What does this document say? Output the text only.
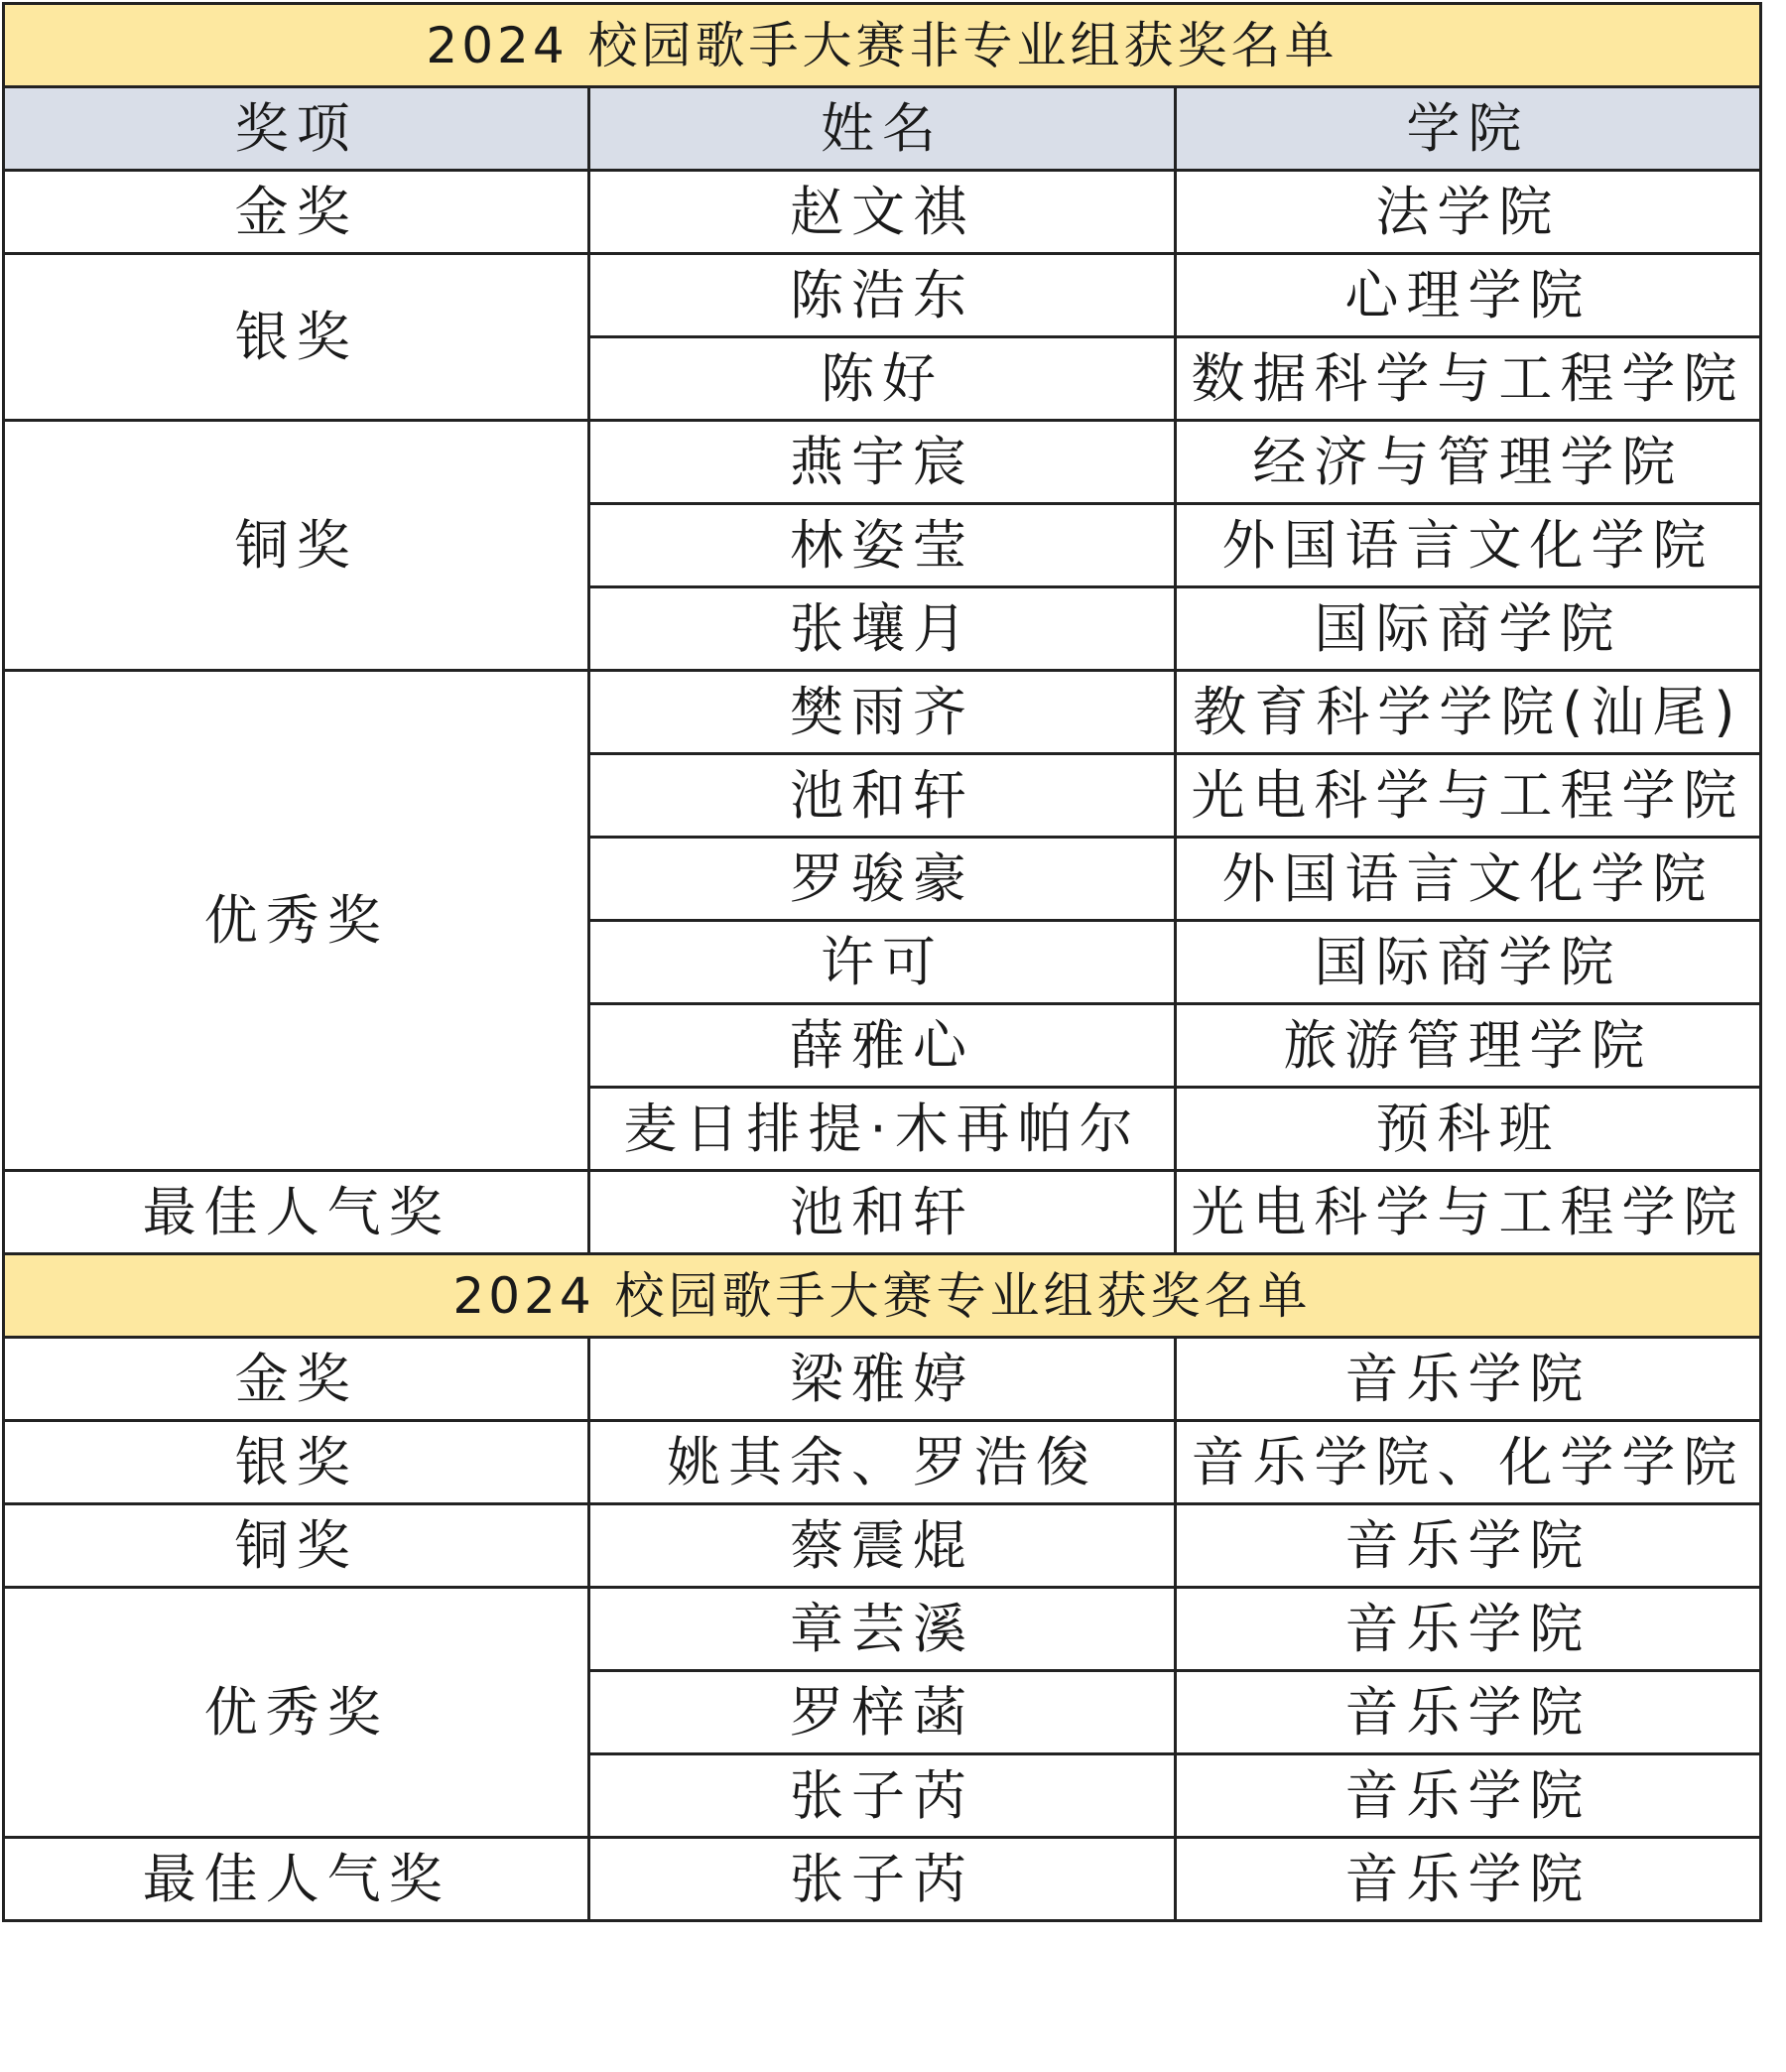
2024 校园歌手大赛非专业组获奖名单		
奖项	姓名	学院
金奖	赵文祺	法学院
银奖	陈浩东	心理学院
	陈好	数据科学与工程学院
铜奖	燕宇宸	经济与管理学院
	林姿莹	外国语言文化学院
	张壤月	国际商学院
优秀奖	樊雨齐	教育科学学院(汕尾)
	池和轩	光电科学与工程学院
	罗骏豪	外国语言文化学院
	许可	国际商学院
	薛雅心	旅游管理学院
	麦日排提·木再帕尔	预科班
最佳人气奖	池和轩	光电科学与工程学院
2024 校园歌手大赛专业组获奖名单		
金奖	梁雅婷	音乐学院
银奖	姚其余、罗浩俊	音乐学院、化学学院
铜奖	蔡震焜	音乐学院
优秀奖	章芸溪	音乐学院
	罗梓菡	音乐学院
	张子芮	音乐学院
最佳人气奖	张子芮	音乐学院
